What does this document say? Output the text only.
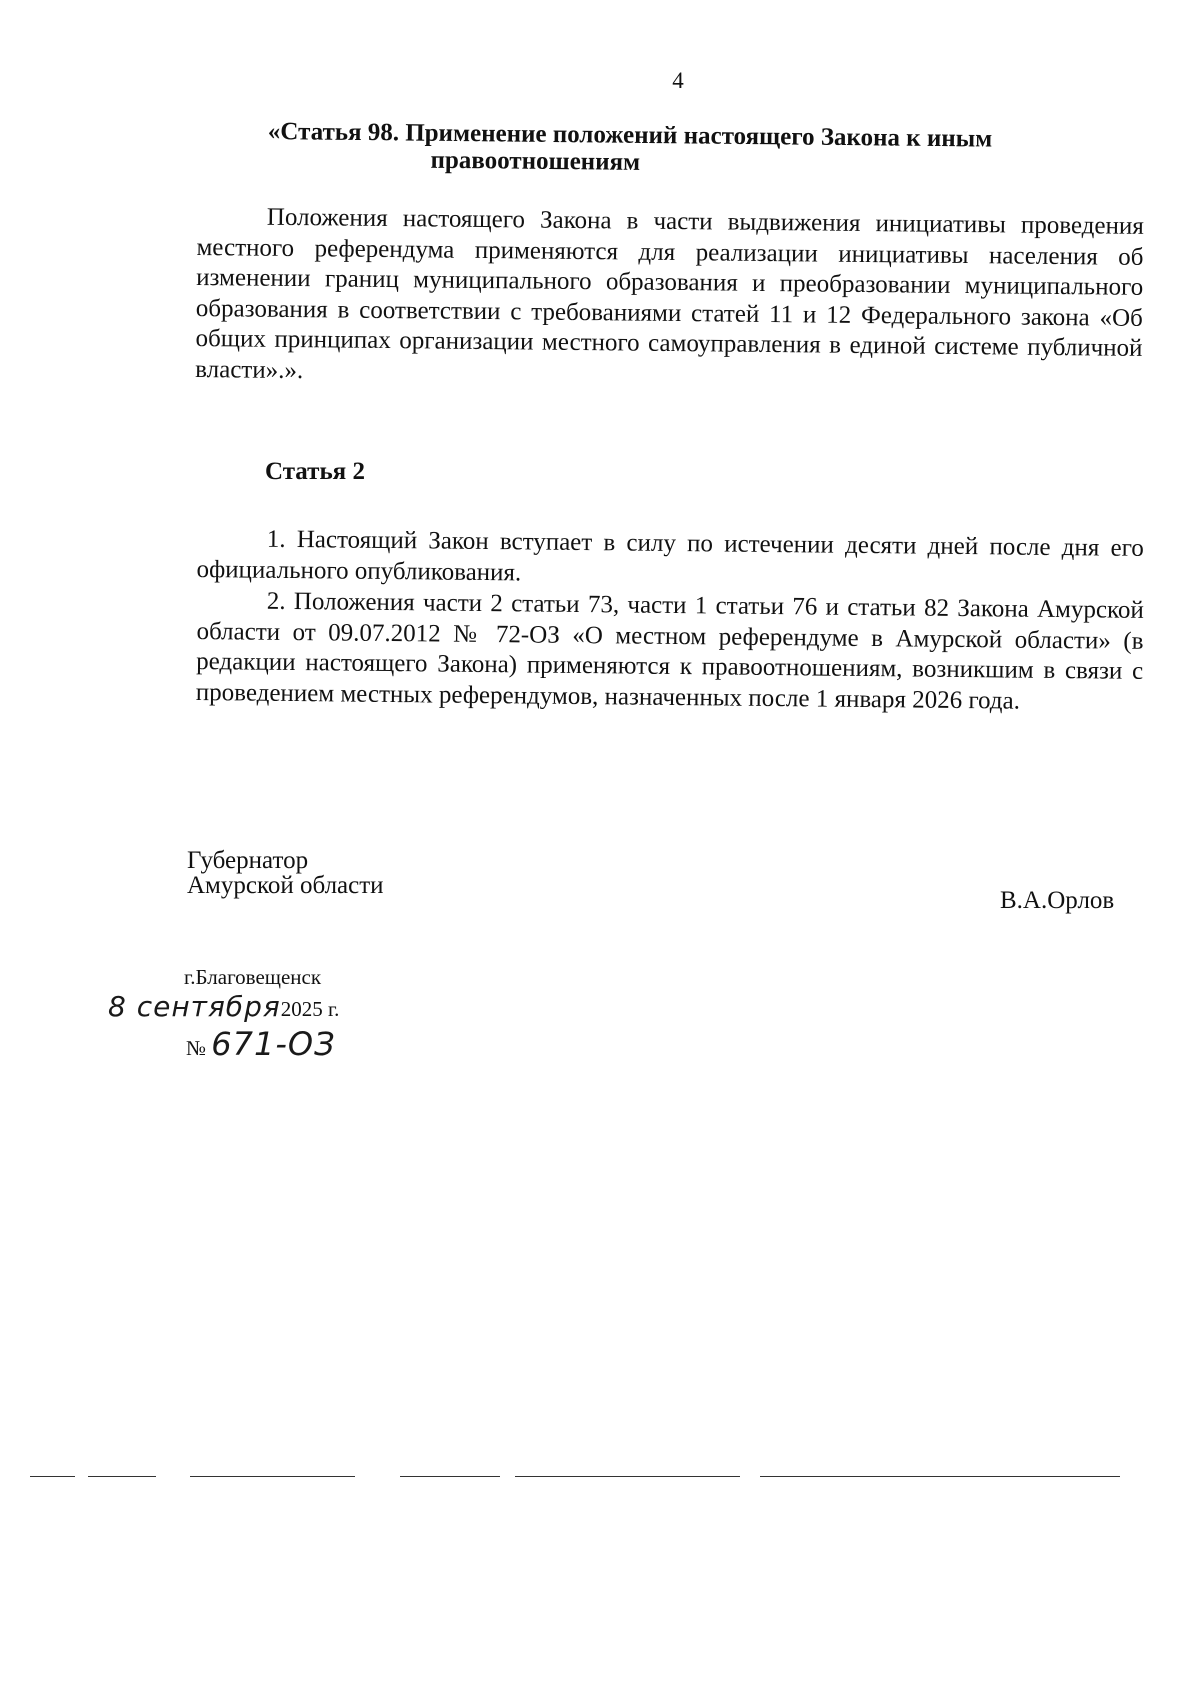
4
«Статья 98. Применение положений настоящего Закона к иным
правоотношениям
Положения настоящего Закона в части выдвижения инициативы проведения местного референдума применяются для реализации инициативы населения об изменении границ муниципального образования и преобразовании муниципального образования в соответствии с требованиями статей 11 и 12 Федерального закона «Об общих принципах организации местного самоуправления в единой системе публичной власти».».
Статья 2
1. Настоящий Закон вступает в силу по истечении десяти дней после дня его официального опубликования.
2. Положения части 2 статьи 73, части 1 статьи 76 и статьи 82 Закона Амурской области от 09.07.2012 № 72-ОЗ «О местном референдуме в Амурской области» (в редакции настоящего Закона) применяются к правоотношениям, возникшим в связи с проведением местных референдумов, назначенных после 1 января 2026 года.
Губернатор
Амурской области
В.А.Орлов
г.Благовещенск
8 сентября2025 г.
№ 671-ОЗ
